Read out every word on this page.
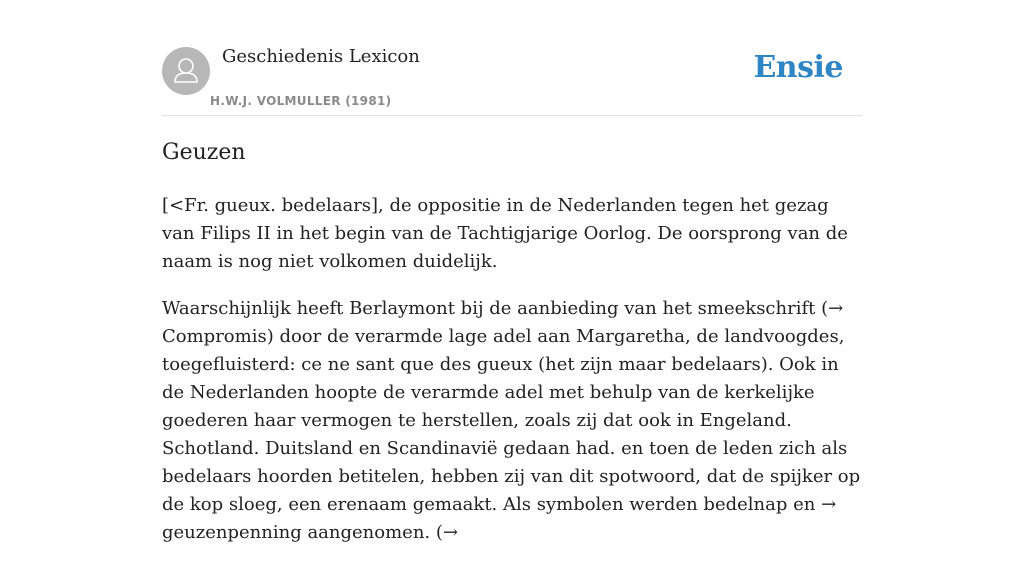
Geschiedenis Lexicon
H.W.J. VOLMULLER (1981)
Ensie
Geuzen

[<Fr. gueux. bedelaars], de oppositie in de Nederlanden tegen het gezag van Filips II in het begin van de Tachtigjarige Oorlog. De oorsprong van de naam is nog niet volkomen duidelijk.

Waarschijnlijk heeft Berlaymont bij de aanbieding van het smeekschrift (→ Compromis) door de verarmde lage adel aan Margaretha, de landvoogdes, toegefluisterd: ce ne sant que des gueux (het zijn maar bedelaars). Ook in de Nederlanden hoopte de verarmde adel met behulp van de kerkelijke goederen haar vermogen te herstellen, zoals zij dat ook in Engeland. Schotland. Duitsland en Scandinavië gedaan had. en toen de leden zich als bedelaars hoorden betitelen, hebben zij van dit spotwoord, dat de spijker op de kop sloeg, een erenaam gemaakt. Als symbolen werden bedelnap en → geuzenpenning aangenomen. (→
